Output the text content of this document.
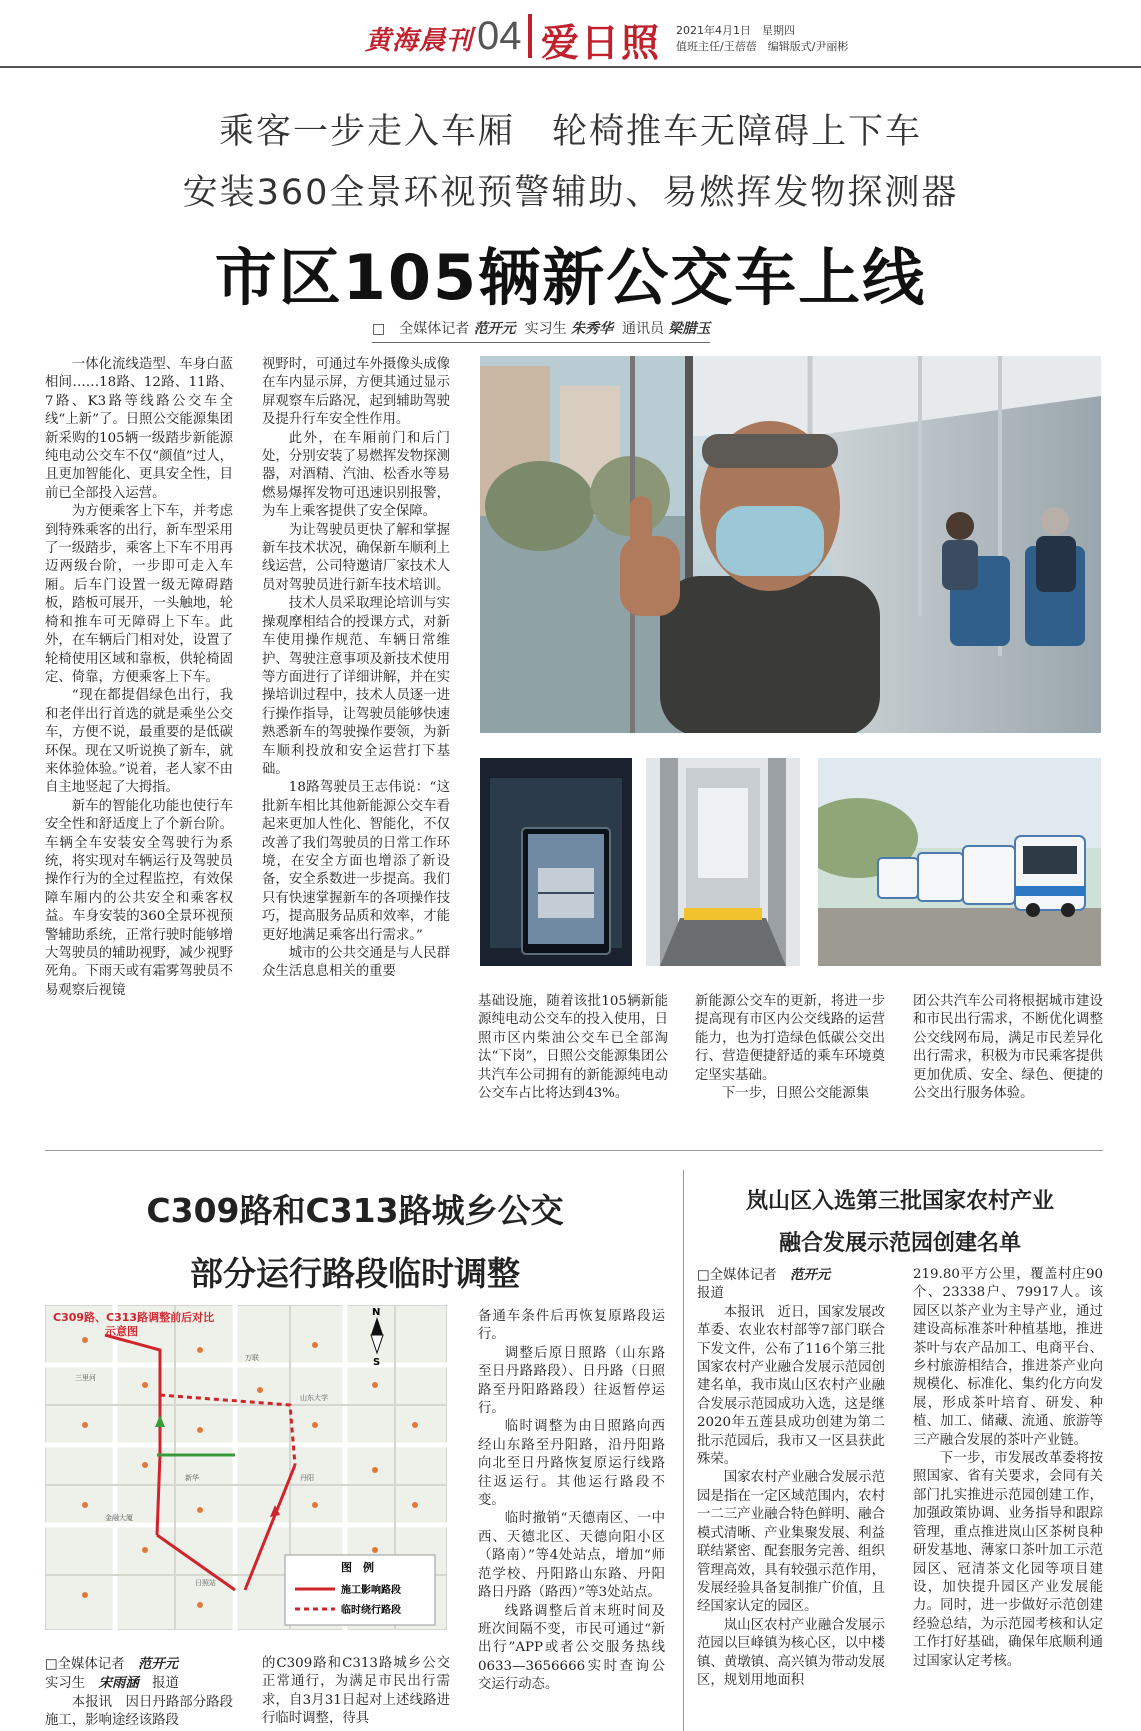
黄海晨刊 04 爱日照 2021年4月1日　星期四
值班主任/王蓓蓓　编辑版式/尹丽彬
乘客一步走入车厢　轮椅推车无障碍上下车
安装360全景环视预警辅助、易燃挥发物探测器
市区105辆新公交车上线
□　全媒体记者 范开元 实习生 朱秀华 通讯员 梁腊玉

一体化流线造型、车身白蓝相间……18路、12路、11路、7路、K3路等线路公交车全线“上新”了。日照公交能源集团新采购的105辆一级踏步新能源纯电动公交车不仅“颜值”过人，且更加智能化、更具安全性，目前已全部投入运营。

为方便乘客上下车，并考虑到特殊乘客的出行，新车型采用了一级踏步，乘客上下车不用再迈两级台阶，一步即可走入车厢。后车门设置一级无障碍踏板，踏板可展开，一头触地，轮椅和推车可无障碍上下车。此外，在车辆后门相对处，设置了轮椅使用区域和靠板，供轮椅固定、倚靠，方便乘客上下车。

“现在都提倡绿色出行，我和老伴出行首选的就是乘坐公交车，方便不说，最重要的是低碳环保。现在又听说换了新车，就来体验体验。”说着，老人家不由自主地竖起了大拇指。

新车的智能化功能也使行车安全性和舒适度上了个新台阶。车辆全车安装安全驾驶行为系统，将实现对车辆运行及驾驶员操作行为的全过程监控，有效保障车厢内的公共安全和乘客权益。车身安装的360全景环视预警辅助系统，正常行驶时能够增大驾驶员的辅助视野，减少视野死角。下雨天或有霜雾驾驶员不易观察后视镜

视野时，可通过车外摄像头成像在车内显示屏，方便其通过显示屏观察车后路况，起到辅助驾驶及提升行车安全性作用。

此外，在车厢前门和后门处，分别安装了易燃挥发物探测器，对酒精、汽油、松香水等易燃易爆挥发物可迅速识别报警，为车上乘客提供了安全保障。

为让驾驶员更快了解和掌握新车技术状况，确保新车顺利上线运营，公司特邀请厂家技术人员对驾驶员进行新车技术培训。

技术人员采取理论培训与实操观摩相结合的授课方式，对新车使用操作规范、车辆日常维护、驾驶注意事项及新技术使用等方面进行了详细讲解，并在实操培训过程中，技术人员逐一进行操作指导，让驾驶员能够快速熟悉新车的驾驶操作要领，为新车顺利投放和安全运营打下基础。

18路驾驶员王志伟说：“这批新车相比其他新能源公交车看起来更加人性化、智能化，不仅改善了我们驾驶员的日常工作环境，在安全方面也增添了新设备，安全系数进一步提高。我们只有快速掌握新车的各项操作技巧，提高服务品质和效率，才能更好地满足乘客出行需求。”

城市的公共交通是与人民群众生活息息相关的重要

基础设施，随着该批105辆新能源纯电动公交车的投入使用，日照市区内柴油公交车已全部淘汰“下岗”，日照公交能源集团公共汽车公司拥有的新能源纯电动公交车占比将达到43%。

新能源公交车的更新，将进一步提高现有市区内公交线路的运营能力，也为打造绿色低碳公交出行、营造便捷舒适的乘车环境奠定坚实基础。

下一步，日照公交能源集

团公共汽车公司将根据城市建设和市民出行需求，不断优化调整公交线网布局，满足市民差异化出行需求，积极为市民乘客提供更加优质、安全、绿色、便捷的公交出行服务体验。

C309路和C313路城乡公交
部分运行路段临时调整
C309路、C313路调整前后对比
示意图
三里河
万联
山东大学
新华	丹阳
金融大厦
日照站
N
S
图　例
施工影响路段
临时绕行路段

□全媒体记者　 范开元

实习生　 宋雨涵　 报道

本报讯　因日丹路部分路段施工，影响途经该路段

的C309路和C313路城乡公交正常通行，为满足市民出行需求，自3月31日起对上述线路进行临时调整，待具

备通车条件后再恢复原路段运行。

调整后原日照路（山东路至日丹路路段）、日丹路（日照路至丹阳路路段）往返暂停运行。

临时调整为由日照路向西经山东路至丹阳路，沿丹阳路向北至日丹路恢复原运行线路往返运行。其他运行路段不变。

临时撤销“天德南区、一中西、天德北区、天德向阳小区（路南）”等4处站点，增加“师范学校、丹阳路山东路、丹阳路日丹路（路西）”等3处站点。

线路调整后首末班时间及班次间隔不变，市民可通过“新出行”APP或者公交服务热线0633—3656666实时查询公交运行动态。

岚山区入选第三批国家农村产业
融合发展示范园创建名单

□全媒体记者　 范开元

报道

本报讯　近日，国家发展改革委、农业农村部等7部门联合下发文件，公布了116个第三批国家农村产业融合发展示范园创建名单，我市岚山区农村产业融合发展示范园成功入选，这是继2020年五莲县成功创建为第二批示范园后，我市又一区县获此殊荣。

国家农村产业融合发展示范园是指在一定区域范围内，农村一二三产业融合特色鲜明、融合模式清晰、产业集聚发展、利益联结紧密、配套服务完善、组织管理高效，具有较强示范作用，发展经验具备复制推广价值，且经国家认定的园区。

岚山区农村产业融合发展示范园以巨峰镇为核心区，以中楼镇、黄墩镇、高兴镇为带动发展区，规划用地面积

219.80平方公里，覆盖村庄90个、23338户、79917人。该园区以茶产业为主导产业，通过建设高标准茶叶种植基地，推进茶叶与农产品加工、电商平台、乡村旅游相结合，推进茶产业向规模化、标准化、集约化方向发展，形成茶叶培育、研发、种植、加工、储藏、流通、旅游等三产融合发展的茶叶产业链。

下一步，市发展改革委将按照国家、省有关要求，会同有关部门扎实推进示范园创建工作，加强政策协调、业务指导和跟踪管理，重点推进岚山区茶树良种研发基地、薄家口茶叶加工示范园区、冠清茶文化园等项目建设，加快提升园区产业发展能力。同时，进一步做好示范创建经验总结，为示范园考核和认定工作打好基础，确保年底顺利通过国家认定考核。
